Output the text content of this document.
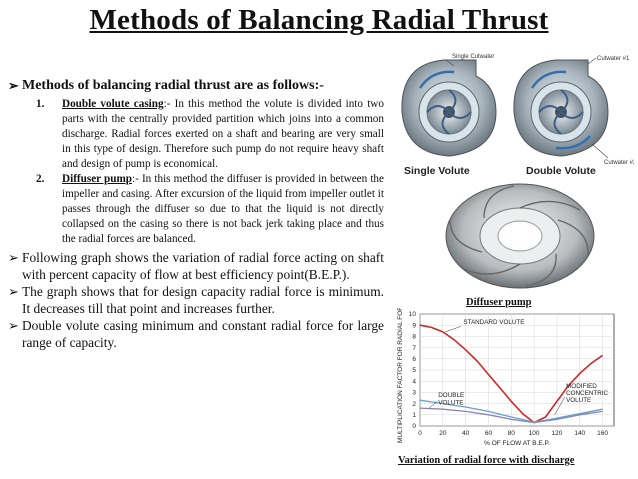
Methods of Balancing Radial Thrust
➢ Methods of balancing radial thrust are as follows:-
1.	Double volute casing:- In this method the volute is divided into two parts with the centrally provided partition which joins into a common discharge. Radial forces exerted on a shaft and bearing are very small in this type of design. Therefore such pump do not require heavy shaft and design of pump is economical.
2.	Diffuser pump:- In this method the diffuser is provided in between the impeller and casing. After excursion of the liquid from impeller outlet it passes through the diffuser so due to that the liquid is not directly collapsed on the casing so there is not back jerk taking place and thus the radial forces are balanced.
➢ Following graph shows the variation of radial force acting on shaft with percent capacity of flow at best efficiency point(B.E.P.).
➢ The graph shows that for design capacity radial force is minimum. It decreases till that point and increases further.
➢ Double volute casing minimum and constant radial force for large range of capacity.
Single Cutwater
Single Volute
Cutwater #1
Cutwater #2
Double Volute
Diffuser pump
0
1
2
3
4
5
6
7
8
9
10
0	20 40 60 80 100 120 140 160
% OF FLOW AT B.E.P.
MULTIPLICATION FACTOR FOR RADIAL FORCE	STANDARD VOLUTE
DOUBLE
VOLUTE
MODIFIED
CONCENTRIC
VOLUTE
Variation of radial force with discharge
